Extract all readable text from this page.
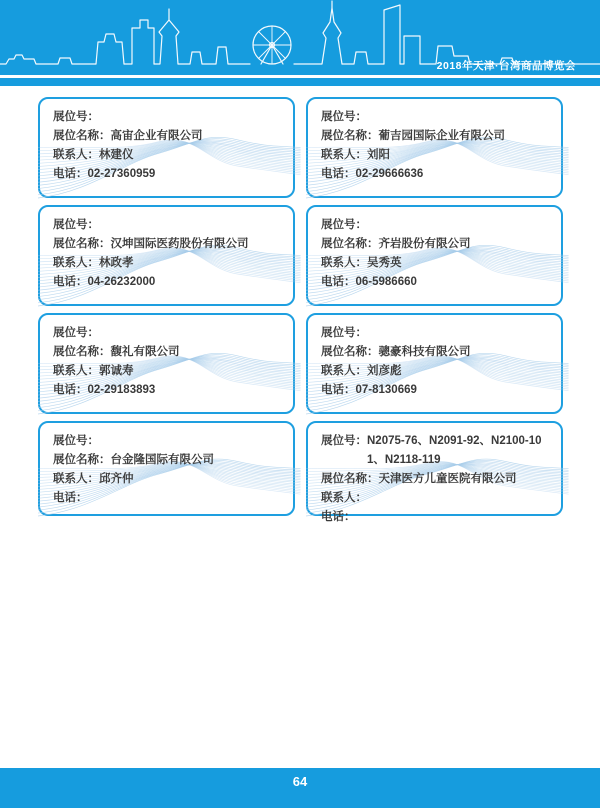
2018年天津·台湾商品博览会
展位号：
展位名称： 高宙企业有限公司
联系人： 林建仪
电话： 02-27360959
展位号：
展位名称： 葡吉园国际企业有限公司
联系人： 刘阳
电话： 02-29666636
展位号：
展位名称： 汉坤国际医药股份有限公司
联系人： 林政孝
电话： 04-26232000
展位号：
展位名称： 齐岩股份有限公司
联系人： 吴秀英
电话： 06-5986660
展位号：
展位名称： 馥礼有限公司
联系人： 郭诚寿
电话： 02-29183893
展位号：
展位名称： 骢豪科技有限公司
联系人： 刘彦彪
电话： 07-8130669
展位号：
展位名称： 台金隆国际有限公司
联系人： 邱齐仲
电话：
展位号： N2075-76、N2091-92、N2100-101、N2118-119
展位名称： 天津医方儿童医院有限公司
联系人：
电话：
64
